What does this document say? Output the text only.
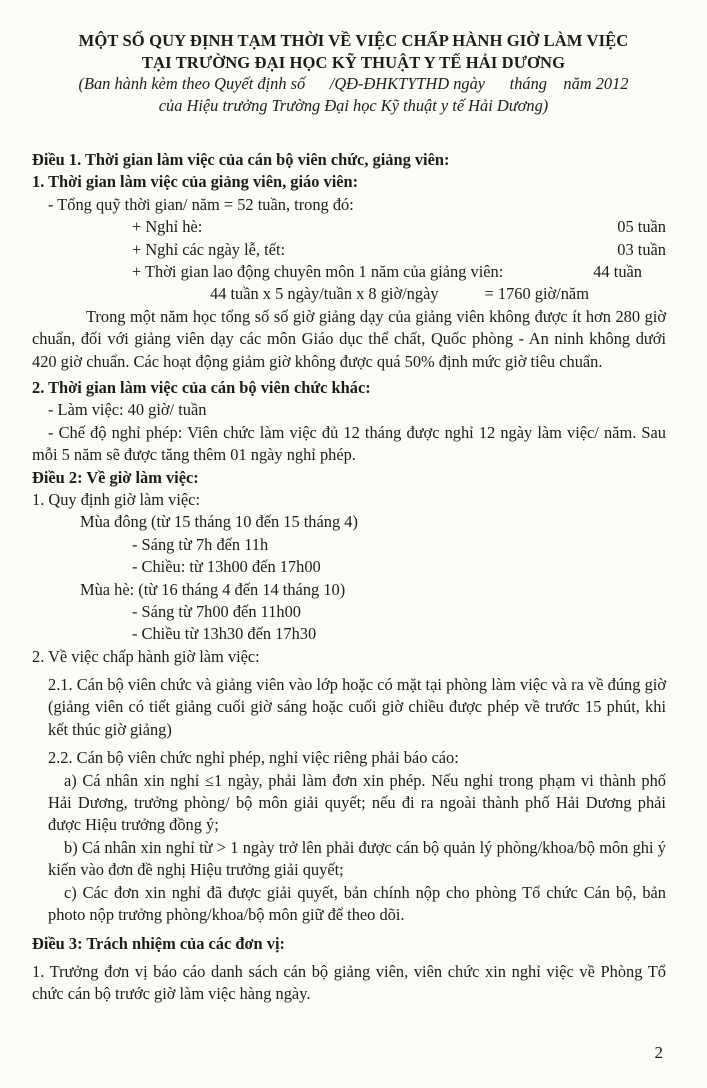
MỘT SỐ QUY ĐỊNH TẠM THỜI VỀ VIỆC CHẤP HÀNH GIỜ LÀM VIỆC
TẠI TRƯỜNG ĐẠI HỌC KỸ THUẬT Y TẾ HẢI DƯƠNG
(Ban hành kèm theo Quyết định số      /QĐ-ĐHKTYTHD ngày      tháng    năm 2012
của Hiệu trưởng Trường Đại học Kỹ thuật y tế Hải Dương)
Điều 1. Thời gian làm việc của cán bộ viên chức, giảng viên:
1. Thời gian làm việc của giảng viên, giáo viên:
- Tổng quỹ thời gian/ năm = 52 tuần, trong đó:
+ Nghỉ hè:	05 tuần
+ Nghỉ các ngày lễ, tết:	03 tuần
+ Thời gian lao động chuyên môn 1 năm của giảng viên:	44 tuần
44 tuần x 5 ngày/tuần x 8 giờ/ngày	= 1760 giờ/năm
Trong một năm học tổng số số giờ giảng dạy của giảng viên không được ít hơn 280 giờ chuẩn, đối với giảng viên dạy các môn Giáo dục thể chất, Quốc phòng - An ninh không dưới 420 giờ chuẩn. Các hoạt động giảm giờ không được quá 50% định mức giờ tiêu chuẩn.
2. Thời gian làm việc của cán bộ viên chức khác:
- Làm việc: 40 giờ/ tuần
- Chế độ nghỉ phép: Viên chức làm việc đủ 12 tháng được nghỉ 12 ngày làm việc/ năm. Sau mỗi 5 năm sẽ được tăng thêm 01 ngày nghỉ phép.
Điều 2: Về giờ làm việc:
1. Quy định giờ làm việc:
Mùa đông (từ 15 tháng 10 đến 15 tháng 4)
- Sáng từ 7h đến 11h
- Chiều: từ 13h00 đến 17h00
Mùa hè: (từ 16 tháng 4 đến 14 tháng 10)
- Sáng từ 7h00 đến 11h00
- Chiều từ 13h30 đến 17h30
2. Về việc chấp hành giờ làm việc:
2.1. Cán bộ viên chức và giảng viên vào lớp hoặc có mặt tại phòng làm việc và ra về đúng giờ (giảng viên có tiết giảng cuối giờ sáng hoặc cuối giờ chiều được phép về trước 15 phút, khi kết thúc giờ giảng)
2.2. Cán bộ viên chức nghỉ phép, nghỉ việc riêng phải báo cáo:
a) Cá nhân xin nghỉ ≤1 ngày, phải làm đơn xin phép. Nếu nghỉ trong phạm vi thành phố Hải Dương, trưởng phòng/ bộ môn giải quyết; nếu đi ra ngoài thành phố Hải Dương phải được Hiệu trưởng đồng ý;
b) Cá nhân xin nghỉ từ > 1 ngày trở lên phải được cán bộ quản lý phòng/khoa/bộ môn ghi ý kiến vào đơn đề nghị Hiệu trưởng giải quyết;
c) Các đơn xin nghỉ đã được giải quyết, bản chính nộp cho phòng Tổ chức Cán bộ, bản photo nộp trưởng phòng/khoa/bộ môn giữ để theo dõi.
Điều 3: Trách nhiệm của các đơn vị:
1. Trưởng đơn vị báo cáo danh sách cán bộ giảng viên, viên chức xin nghỉ việc về Phòng Tổ chức cán bộ trước giờ làm việc hàng ngày.
2
